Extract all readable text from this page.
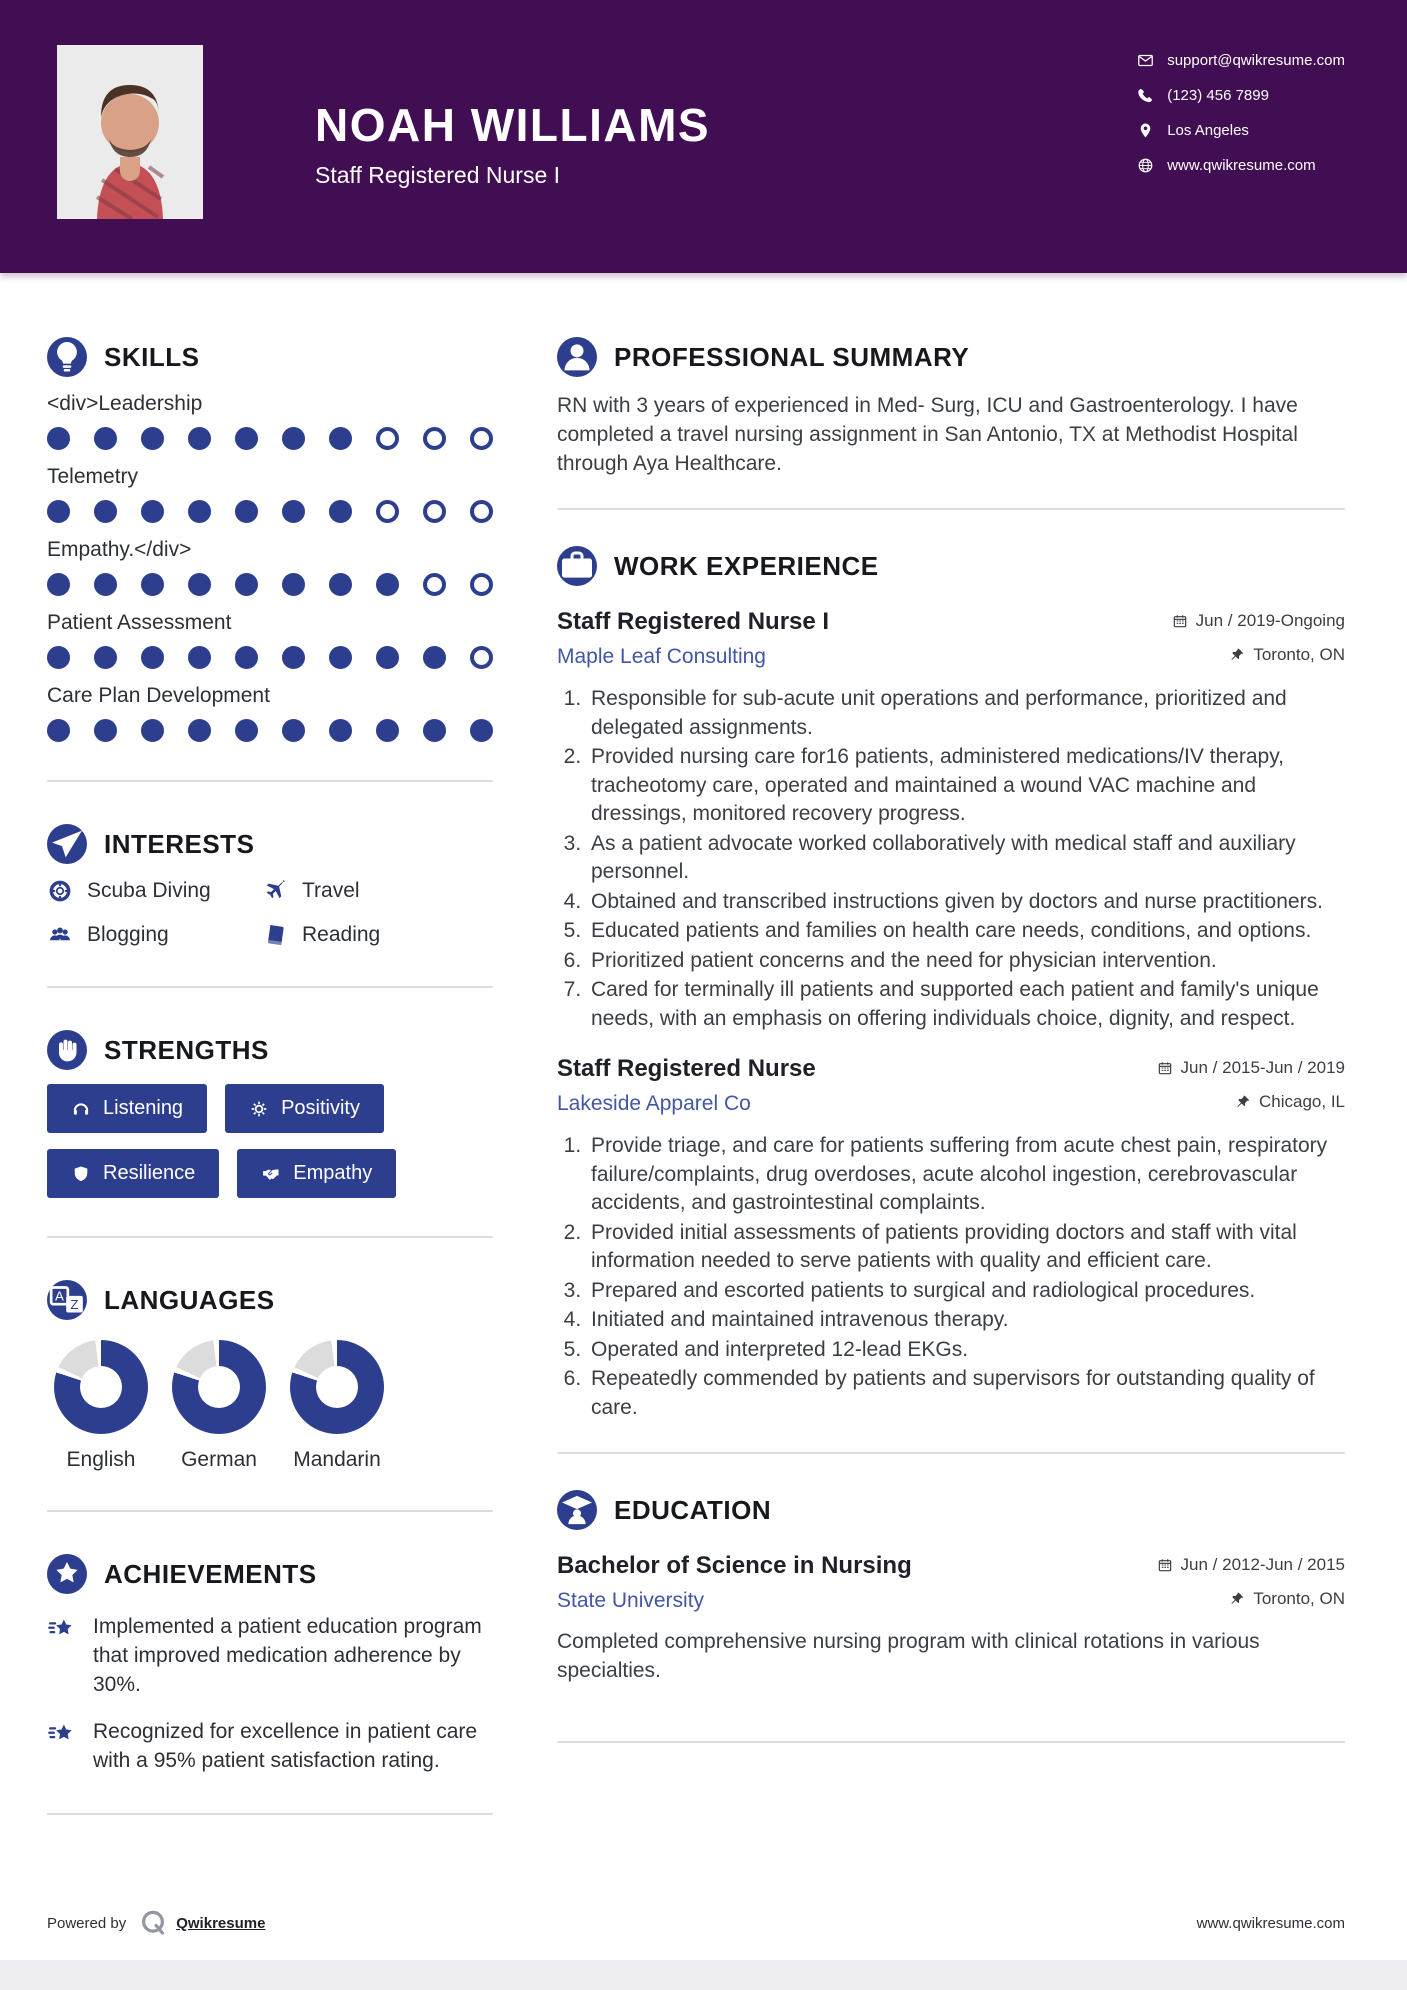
NOAH WILLIAMS

Staff Registered Nurse I

support@qwikresume.com
(123) 456 7899
Los Angeles
www.qwikresume.com
SKILLS
<div>Leadership
Telemetry
Empathy.</div>
Patient Assessment
Care Plan Development
INTERESTS
Scuba Diving	Travel
Blogging	Reading
STRENGTHS
Listening	Positivity
Resilience	Empathy
A
Z LANGUAGES
English German Mandarin
ACHIEVEMENTS
Implemented a patient education program that improved medication adherence by 30%.
Recognized for excellence in patient care with a 95% patient satisfaction rating.
PROFESSIONAL SUMMARY

RN with 3 years of experienced in Med- Surg, ICU and Gastroenterology. I have completed a travel nursing assignment in San Antonio, TX at Methodist Hospital through Aya Healthcare.

WORK EXPERIENCE
Staff Registered Nurse I	Jun / 2019-Ongoing
Maple Leaf Consulting	Toronto, ON
1. Responsible for sub-acute unit operations and performance, prioritized and delegated assignments.
2. Provided nursing care for16 patients, administered medications/IV therapy, tracheotomy care, operated and maintained a wound VAC machine and dressings, monitored recovery progress.
3. As a patient advocate worked collaboratively with medical staff and auxiliary personnel.
4. Obtained and transcribed instructions given by doctors and nurse practitioners.
5. Educated patients and families on health care needs, conditions, and options.
6. Prioritized patient concerns and the need for physician intervention.
7. Cared for terminally ill patients and supported each patient and family's unique needs, with an emphasis on offering individuals choice, dignity, and respect.
Staff Registered Nurse	Jun / 2015-Jun / 2019
Lakeside Apparel Co	Chicago, IL
1. Provide triage, and care for patients suffering from acute chest pain, respiratory failure/complaints, drug overdoses, acute alcohol ingestion, cerebrovascular accidents, and gastrointestinal complaints.
2. Provided initial assessments of patients providing doctors and staff with vital information needed to serve patients with quality and efficient care.
3. Prepared and escorted patients to surgical and radiological procedures.
4. Initiated and maintained intravenous therapy.
5. Operated and interpreted 12-lead EKGs.
6. Repeatedly commended by patients and supervisors for outstanding quality of care.
EDUCATION
Bachelor of Science in Nursing	Jun / 2012-Jun / 2015
State University	Toronto, ON

Completed comprehensive nursing program with clinical rotations in various specialties.

Powered by	Qwikresume	www.qwikresume.com
